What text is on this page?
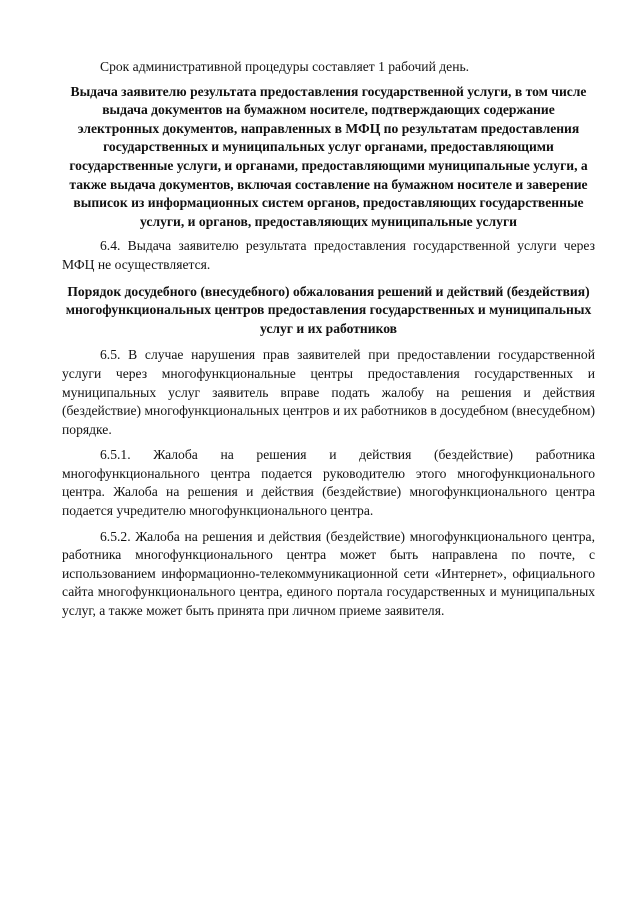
Срок административной процедуры составляет 1 рабочий день.

Выдача заявителю результата предоставления государственной услуги, в том числе выдача документов на бумажном носителе, подтверждающих содержание электронных документов, направленных в МФЦ по результатам предоставления государственных и муниципальных услуг органами, предоставляющими государственные услуги, и органами, предоставляющими муниципальные услуги, а также выдача документов, включая составление на бумажном носителе и заверение выписок из информационных систем органов, предоставляющих государственные услуги, и органов, предоставляющих муниципальные услуги

6.4. Выдача заявителю результата предоставления государственной услуги через МФЦ не осуществляется.

Порядок досудебного (внесудебного) обжалования решений и действий (бездействия) многофункциональных центров предоставления государственных и муниципальных услуг и их работников

6.5. В случае нарушения прав заявителей при предоставлении государственной услуги через многофункциональные центры предоставления государственных и муниципальных услуг заявитель вправе подать жалобу на решения и действия (бездействие) многофункциональных центров и их работников в досудебном (внесудебном) порядке.

6.5.1. Жалоба на решения и действия (бездействие) работника многофункционального центра подается руководителю этого многофункционального центра. Жалоба на решения и действия (бездействие) многофункционального центра подается учредителю многофункционального центра.

6.5.2. Жалоба на решения и действия (бездействие) многофункционального центра, работника многофункционального центра может быть направлена по почте, с использованием информационно-телекоммуникационной сети «Интернет», официального сайта многофункционального центра, единого портала государственных и муниципальных услуг, а также может быть принята при личном приеме заявителя.
